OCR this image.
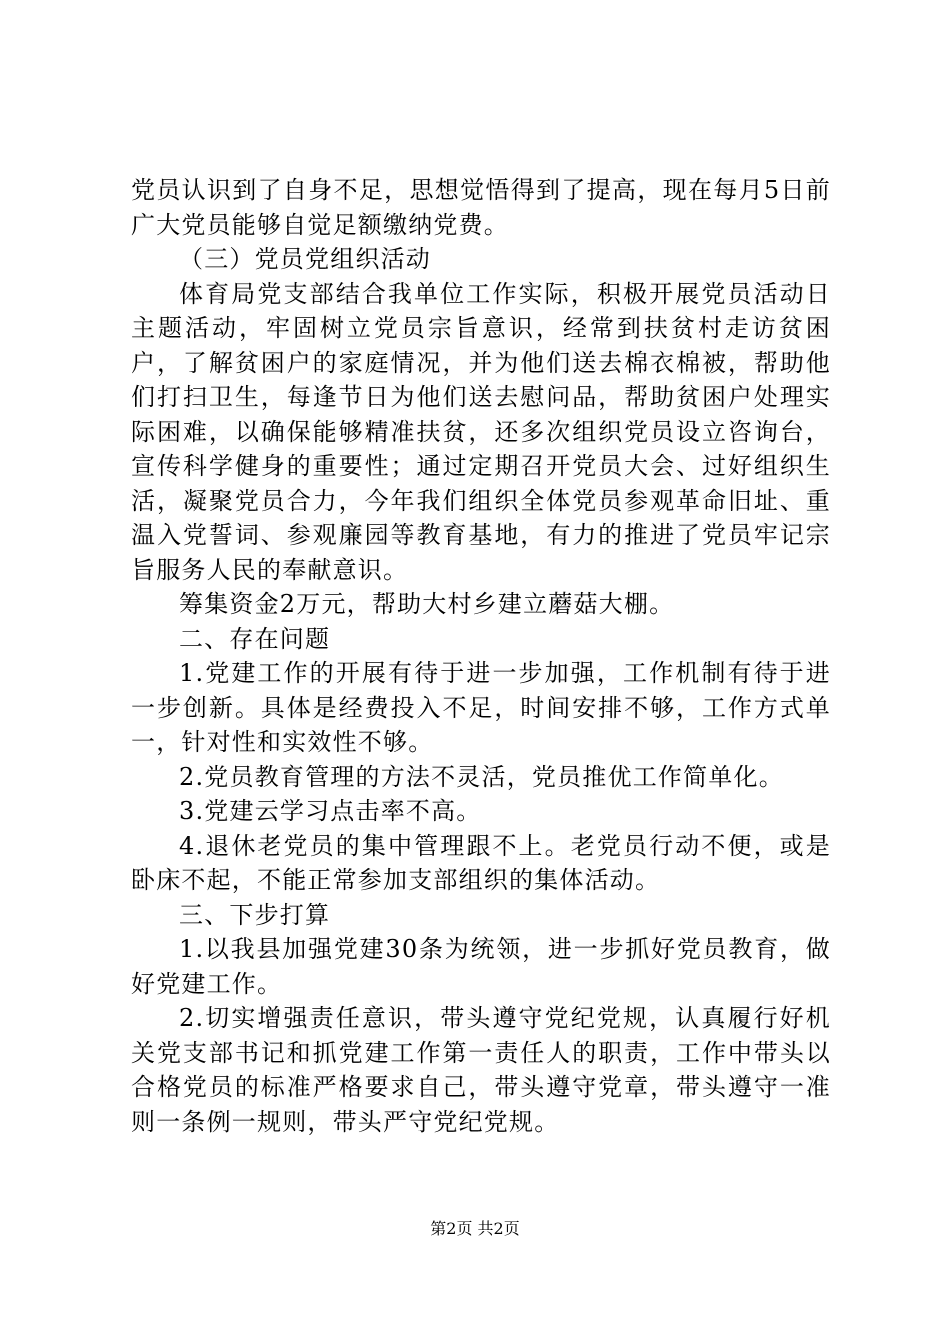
党员认识到了自身不足，思想觉悟得到了提高，现在每月5日前广大党员能够自觉足额缴纳党费。

（三）党员党组织活动

体育局党支部结合我单位工作实际，积极开展党员活动日主题活动，牢固树立党员宗旨意识，经常到扶贫村走访贫困户，了解贫困户的家庭情况，并为他们送去棉衣棉被，帮助他们打扫卫生，每逢节日为他们送去慰问品，帮助贫困户处理实际困难，以确保能够精准扶贫，还多次组织党员设立咨询台，宣传科学健身的重要性；通过定期召开党员大会、过好组织生活，凝聚党员合力，今年我们组织全体党员参观革命旧址、重温入党誓词、参观廉园等教育基地，有力的推进了党员牢记宗旨服务人民的奉献意识。

筹集资金2万元，帮助大村乡建立蘑菇大棚。

二、存在问题

1.党建工作的开展有待于进一步加强，工作机制有待于进一步创新。具体是经费投入不足，时间安排不够，工作方式单一，针对性和实效性不够。

2.党员教育管理的方法不灵活，党员推优工作简单化。

3.党建云学习点击率不高。

4.退休老党员的集中管理跟不上。老党员行动不便，或是卧床不起，不能正常参加支部组织的集体活动。

三、下步打算

1.以我县加强党建30条为统领，进一步抓好党员教育，做好党建工作。

2.切实增强责任意识，带头遵守党纪党规，认真履行好机关党支部书记和抓党建工作第一责任人的职责，工作中带头以合格党员的标准严格要求自己，带头遵守党章，带头遵守一准则一条例一规则，带头严守党纪党规。

第2页 共2页
